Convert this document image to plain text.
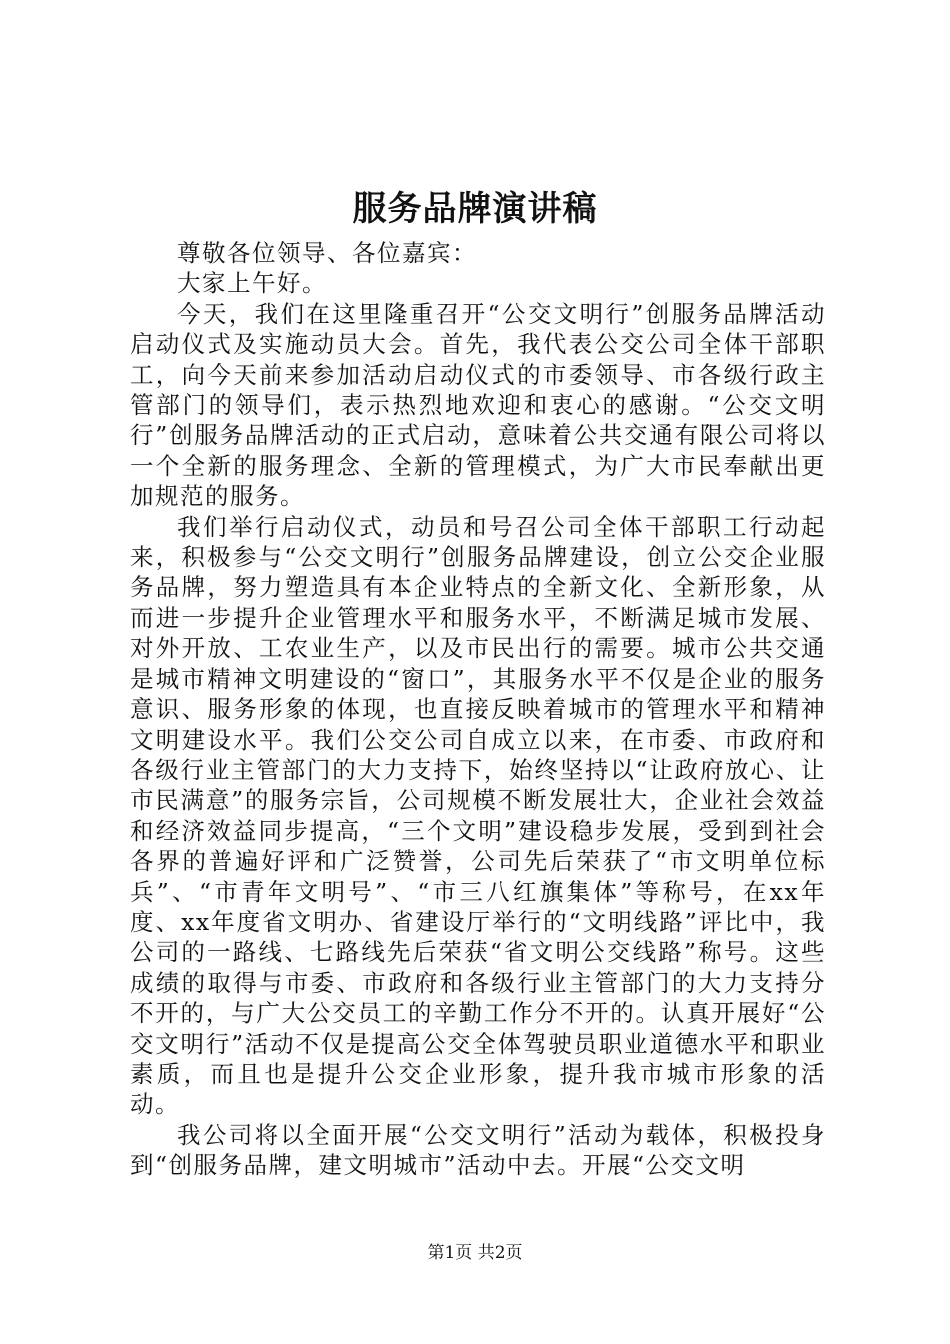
服务品牌演讲稿

尊敬各位领导、各位嘉宾：

大家上午好。

今天，我们在这里隆重召开“公交文明行”创服务品牌活动启动仪式及实施动员大会。首先，我代表公交公司全体干部职工，向今天前来参加活动启动仪式的市委领导、市各级行政主管部门的领导们，表示热烈地欢迎和衷心的感谢。“公交文明行”创服务品牌活动的正式启动，意味着公共交通有限公司将以一个全新的服务理念、全新的管理模式，为广大市民奉献出更加规范的服务。

我们举行启动仪式，动员和号召公司全体干部职工行动起来，积极参与“公交文明行”创服务品牌建设，创立公交企业服务品牌，努力塑造具有本企业特点的全新文化、全新形象，从而进一步提升企业管理水平和服务水平，不断满足城市发展、对外开放、工农业生产，以及市民出行的需要。城市公共交通是城市精神文明建设的“窗口”，其服务水平不仅是企业的服务意识、服务形象的体现，也直接反映着城市的管理水平和精神文明建设水平。我们公交公司自成立以来，在市委、市政府和各级行业主管部门的大力支持下，始终坚持以“让政府放心、让市民满意”的服务宗旨，公司规模不断发展壮大，企业社会效益和经济效益同步提高，“三个文明”建设稳步发展，受到到社会各界的普遍好评和广泛赞誉，公司先后荣获了“市文明单位标兵”、“市青年文明号”、“市三八红旗集体”等称号，在xx年度、xx年度省文明办、省建设厅举行的“文明线路”评比中，我公司的一路线、七路线先后荣获“省文明公交线路”称号。这些成绩的取得与市委、市政府和各级行业主管部门的大力支持分不开的，与广大公交员工的辛勤工作分不开的。认真开展好“公交文明行”活动不仅是提高公交全体驾驶员职业道德水平和职业素质，而且也是提升公交企业形象，提升我市城市形象的活动。

我公司将以全面开展“公交文明行”活动为载体，积极投身到“创服务品牌，建文明城市”活动中去。开展“公交文明

第1页 共2页
